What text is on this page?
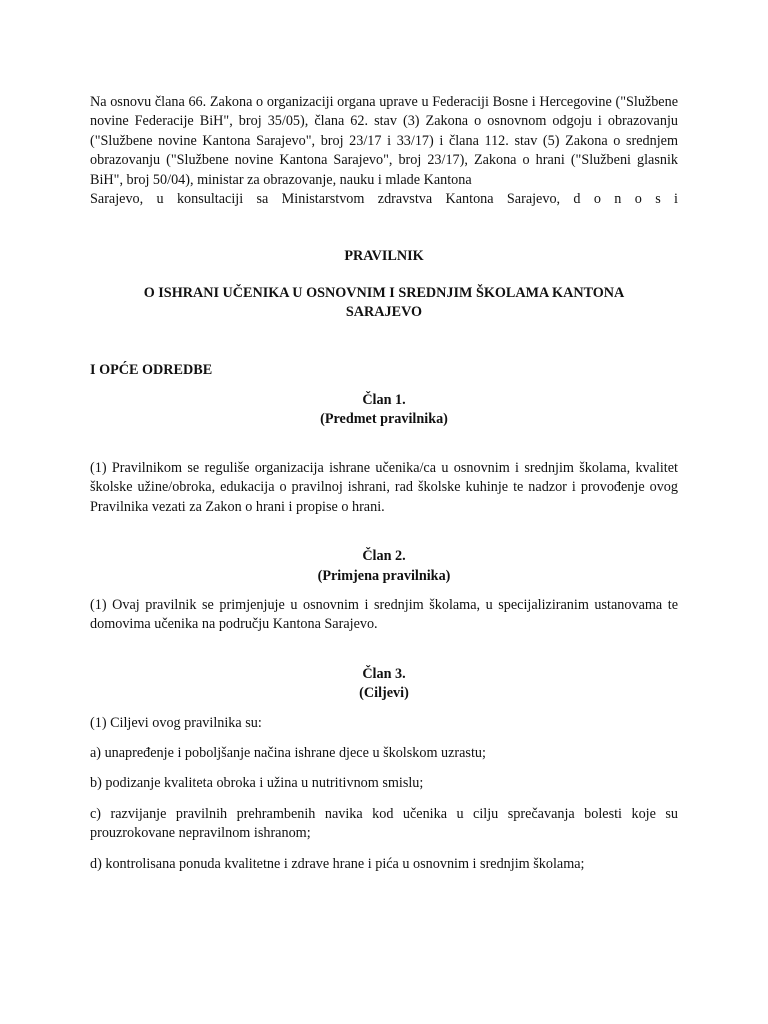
Na osnovu člana 66. Zakona o organizaciji organa uprave u Federaciji Bosne i Hercegovine ("Službene novine Federacije BiH", broj 35/05), člana 62. stav (3) Zakona o osnovnom odgoju i obrazovanju ("Službene novine Kantona Sarajevo", broj 23/17 i 33/17) i člana 112. stav (5) Zakona o srednjem obrazovanju ("Službene novine Kantona Sarajevo", broj 23/17), Zakona o hrani ("Službeni glasnik BiH", broj 50/04), ministar za obrazovanje, nauku i mlade Kantona

Sarajevo, u konsultaciji sa Ministarstvom zdravstva Kantona Sarajevo, d o n o s i

PRAVILNIK

O ISHRANI UČENIKA U OSNOVNIM I SREDNJIM ŠKOLAMA KANTONA

SARAJEVO

I OPĆE ODREDBE

Član 1.

(Predmet pravilnika)

(1) Pravilnikom se reguliše organizacija ishrane učenika/ca u osnovnim i srednjim školama, kvalitet školske užine/obroka, edukacija o pravilnoj ishrani, rad školske kuhinje te nadzor i provođenje ovog Pravilnika vezati za Zakon o hrani i propise o hrani.

Član 2.

(Primjena pravilnika)

(1) Ovaj pravilnik se primjenjuje u osnovnim i srednjim školama, u specijaliziranim ustanovama te domovima učenika na području Kantona Sarajevo.

Član 3.

(Ciljevi)

(1) Ciljevi ovog pravilnika su:

a) unapređenje i poboljšanje načina ishrane djece u školskom uzrastu;

b) podizanje kvaliteta obroka i užina u nutritivnom smislu;

c) razvijanje pravilnih prehrambenih navika kod učenika u cilju sprečavanja bolesti koje su prouzrokovane nepravilnom ishranom;

d) kontrolisana ponuda kvalitetne i zdrave hrane i pića u osnovnim i srednjim školama;
